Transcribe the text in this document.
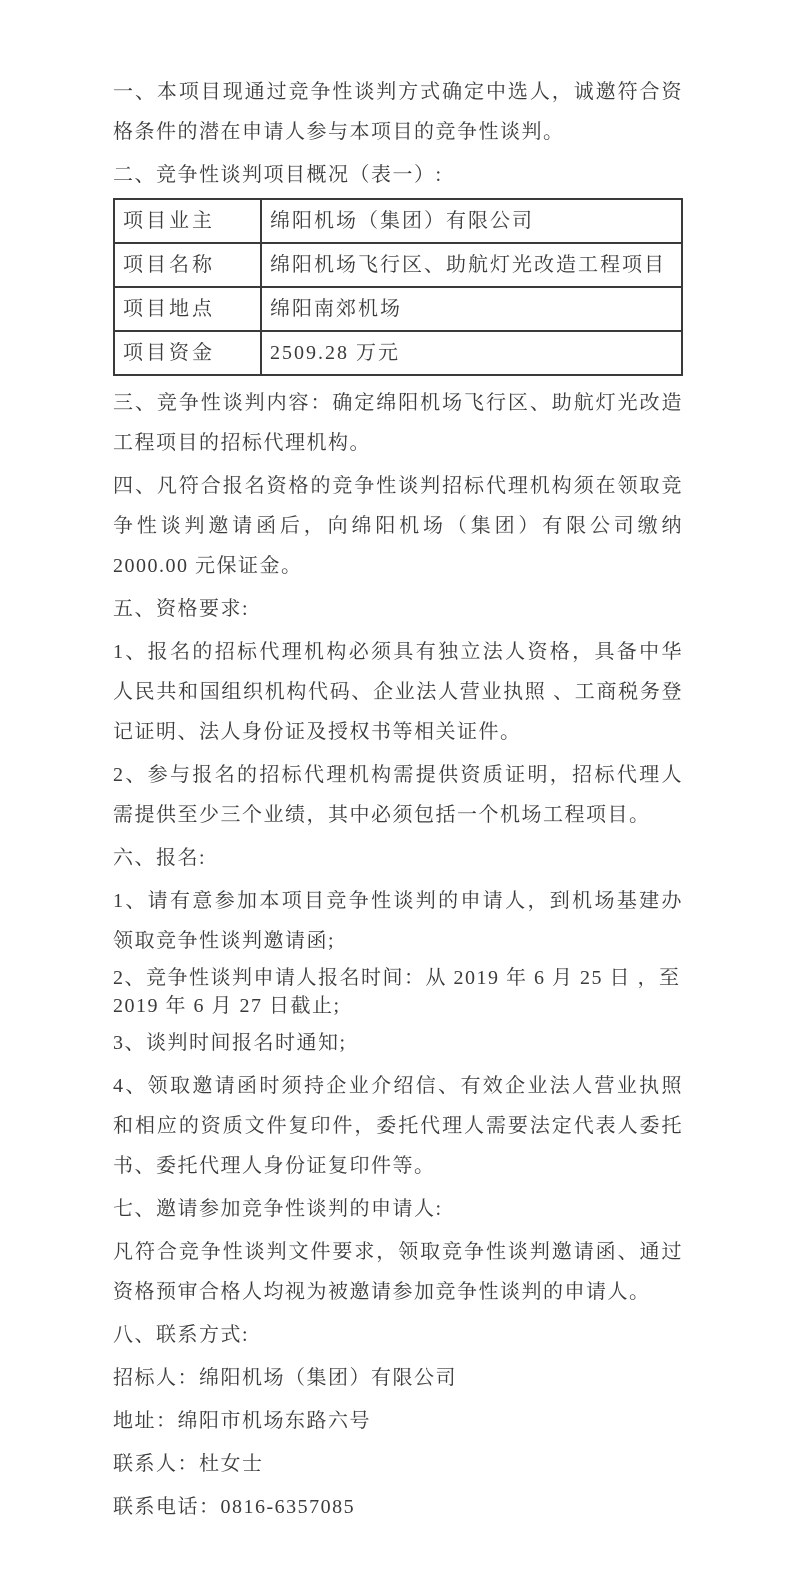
一、本项目现通过竞争性谈判方式确定中选人，诚邀符合资格条件的潜在申请人参与本项目的竞争性谈判。

二、竞争性谈判项目概况（表一）:

项目业主	绵阳机场（集团）有限公司
项目名称	绵阳机场飞行区、助航灯光改造工程项目
项目地点	绵阳南郊机场
项目资金	2509.28 万元

三、竞争性谈判内容：确定绵阳机场飞行区、助航灯光改造工程项目的招标代理机构。

四、凡符合报名资格的竞争性谈判招标代理机构须在领取竞争性谈判邀请函后，向绵阳机场（集团）有限公司缴纳 2000.00 元保证金。

五、资格要求:

1、报名的招标代理机构必须具有独立法人资格，具备中华人民共和国组织机构代码、企业法人营业执照 、工商税务登记证明、法人身份证及授权书等相关证件。

2、参与报名的招标代理机构需提供资质证明，招标代理人需提供至少三个业绩，其中必须包括一个机场工程项目。

六、报名:

1、请有意参加本项目竞争性谈判的申请人，到机场基建办领取竞争性谈判邀请函;

2、竞争性谈判申请人报名时间：从 2019 年 6 月 25 日 ，至 2019 年 6 月 27 日截止;

3、谈判时间报名时通知;

4、领取邀请函时须持企业介绍信、有效企业法人营业执照和相应的资质文件复印件，委托代理人需要法定代表人委托书、委托代理人身份证复印件等。

七、邀请参加竞争性谈判的申请人:

凡符合竞争性谈判文件要求，领取竞争性谈判邀请函、通过资格预审合格人均视为被邀请参加竞争性谈判的申请人。

八、联系方式:

招标人：绵阳机场（集团）有限公司

地址：绵阳市机场东路六号

联系人：杜女士

联系电话：0816-6357085
